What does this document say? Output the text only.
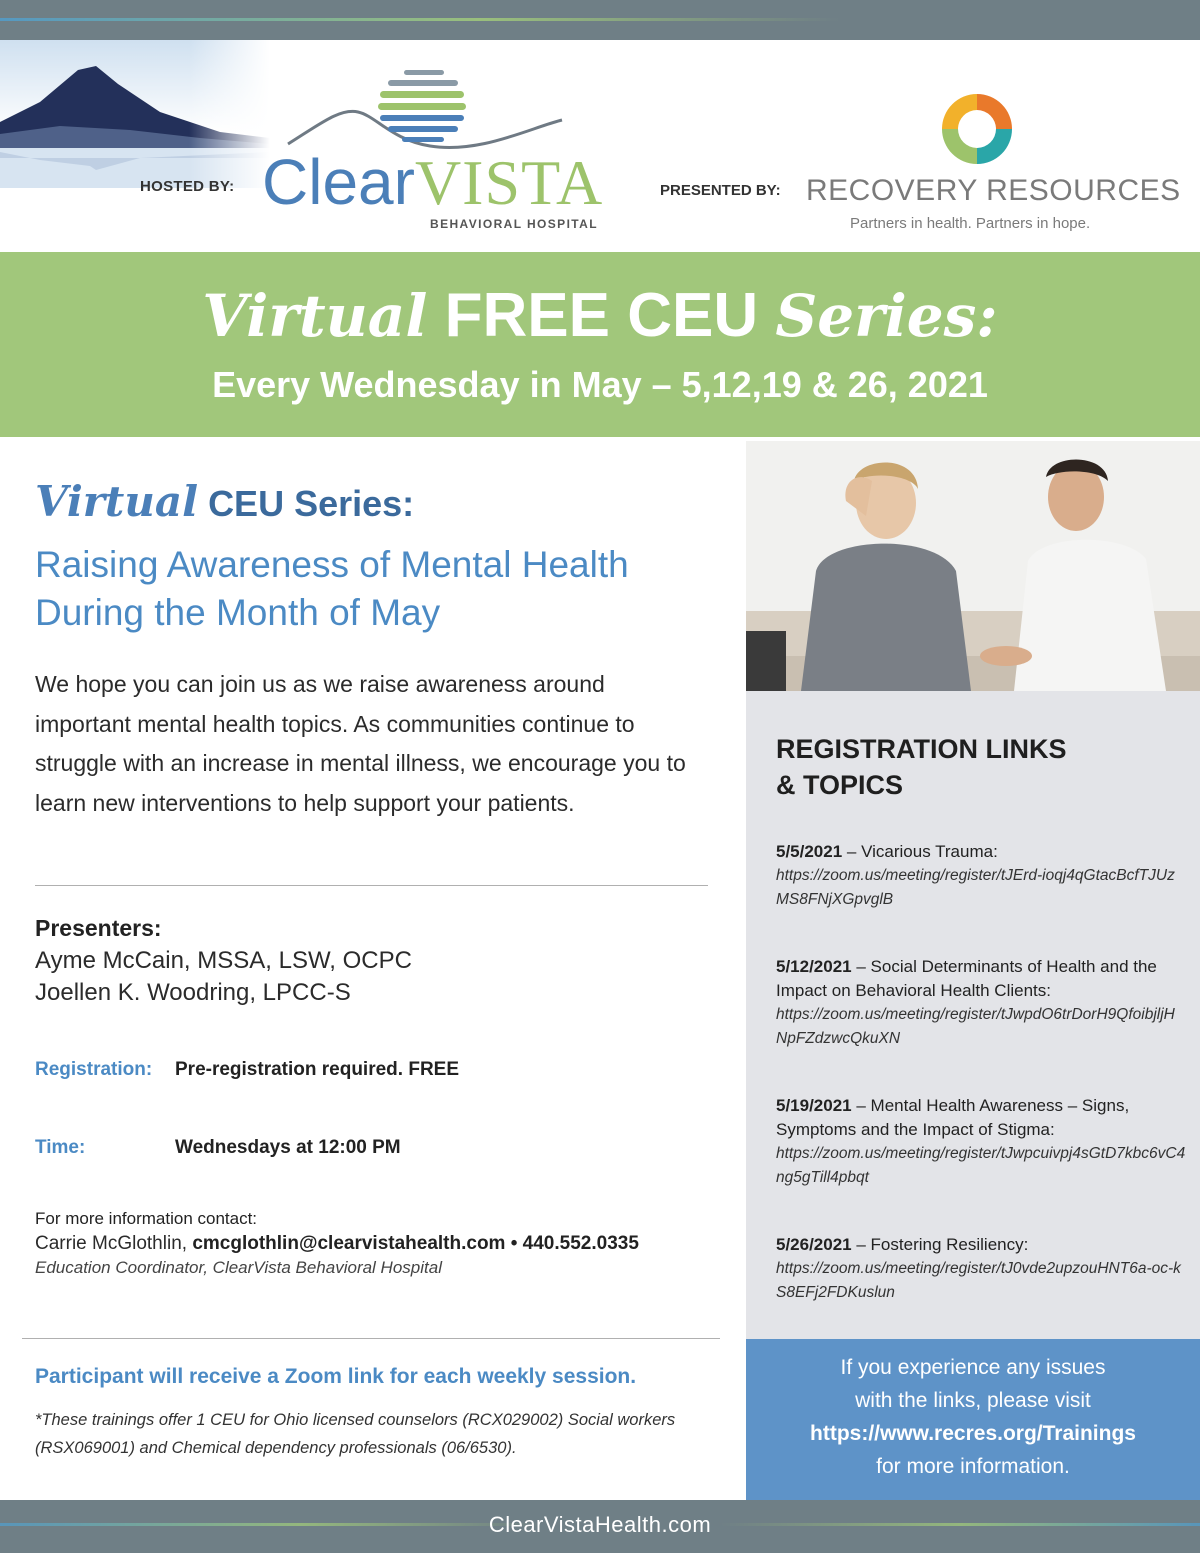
HOSTED BY: ClearVISTA
BEHAVIORAL HOSPITAL
PRESENTED BY: RECOVERY RESOURCES
Partners in health. Partners in hope.
Virtual FREE CEU Series:
Every Wednesday in May – 5,12,19 & 26, 2021
Virtual CEU Series:
Raising Awareness of Mental Health
During the Month of May

We hope you can join us as we raise awareness around important mental health topics. As communities continue to struggle with an increase in mental illness, we encourage you to learn new interventions to help support your patients.

Presenters:
Ayme McCain, MSSA, LSW, OCPC
Joellen K. Woodring, LPCC-S
Registration: Pre-registration required. FREE
Time:	Wednesdays at 12:00 PM
For more information contact:
Carrie McGlothlin, cmcglothlin@clearvistahealth.com • 440.552.0335
Education Coordinator, ClearVista Behavioral Hospital
Participant will receive a Zoom link for each weekly session.

*These trainings offer 1 CEU for Ohio licensed counselors (RCX029002) Social workers (RSX069001) and Chemical dependency professionals (06/6530).

REGISTRATION LINKS
& TOPICS
5/5/2021 – Vicarious Trauma:
https://zoom.us/meeting/register/tJErd-ioqj4qGtacBcfTJUzMS8FNjXGpvglB
5/12/2021 – Social Determinants of Health and the Impact on Behavioral Health Clients:
https://zoom.us/meeting/register/tJwpdO6trDorH9QfoibjljHNpFZdzwcQkuXN
5/19/2021 – Mental Health Awareness – Signs, Symptoms and the Impact of Stigma:
https://zoom.us/meeting/register/tJwpcuivpj4sGtD7kbc6vC4ng5gTill4pbqt
5/26/2021 – Fostering Resiliency:
https://zoom.us/meeting/register/tJ0vde2upzouHNT6a-oc-kS8EFj2FDKuslun
If you experience any issues
with the links, please visit
https://www.recres.org/Trainings
for more information.
ClearVistaHealth.com
